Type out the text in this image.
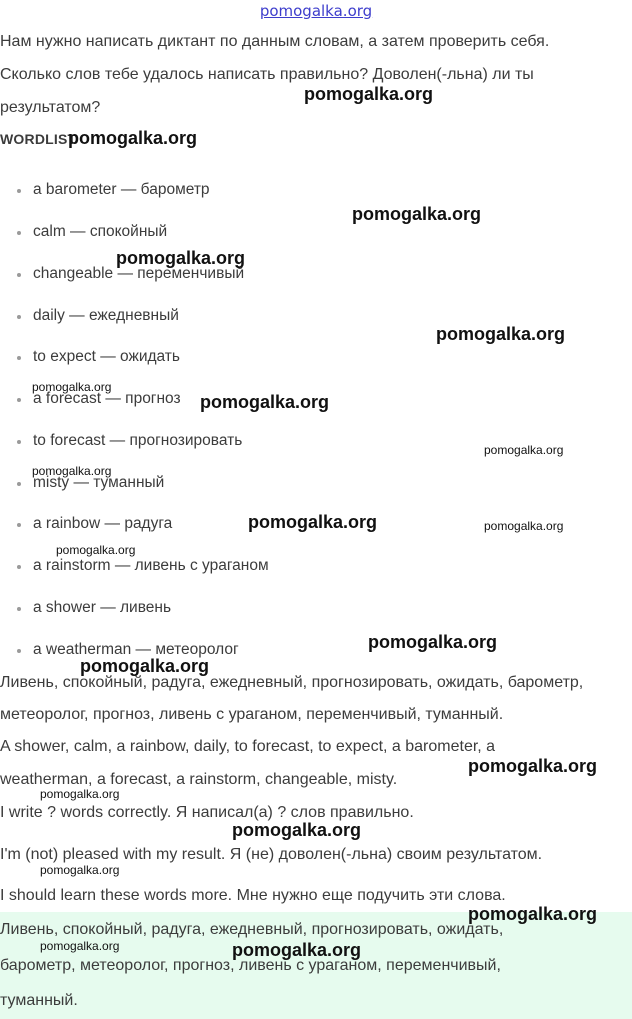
pomogalka.org
Нам нужно написать диктант по данным словам, а затем проверить себя.
Сколько слов тебе удалось написать правильно? Доволен(-льна) ли ты
результатом?
WORDLIST
a barometer — барометр
calm — спокойный
changeable — переменчивый
daily — ежедневный
to expect — ожидать
a forecast — прогноз
to forecast — прогнозировать
misty — туманный
a rainbow — радуга
a rainstorm — ливень с ураганом
a shower — ливень
a weatherman — метеоролог
Ливень, спокойный, радуга, ежедневный, прогнозировать, ожидать, барометр,
метеоролог, прогноз, ливень с ураганом, переменчивый, туманный.
A shower, calm, a rainbow, daily, to forecast, to expect, a barometer, a
weatherman, a forecast, a rainstorm, changeable, misty.
I write ? words correctly. Я написал(а) ? слов правильно.
I'm (not) pleased with my result. Я (не) доволен(-льна) своим результатом.
I should learn these words more. Мне нужно еще подучить эти слова.
Ливень, спокойный, радуга, ежедневный, прогнозировать, ожидать,
барометр, метеоролог, прогноз, ливень с ураганом, переменчивый,
туманный.
pomogalka.org
pomogalka.org
pomogalka.org
pomogalka.org
pomogalka.org
pomogalka.org
pomogalka.org
pomogalka.org
pomogalka.org
pomogalka.org	pomogalka.org
pomogalka.org
pomogalka.org
pomogalka.org
pomogalka.org
pomogalka.org
pomogalka.org
pomogalka.org
pomogalka.org
pomogalka.org	pomogalka.org
